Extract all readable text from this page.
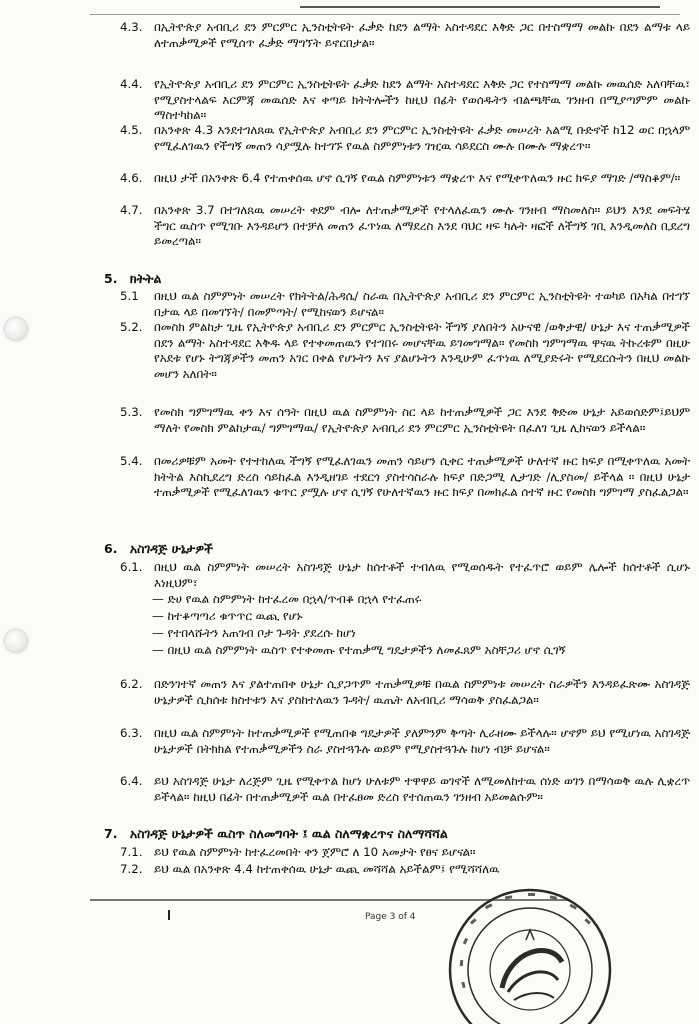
4.3. በኢትዮጵያ አብቢሪ ደን ምርምር ኢንስቲትዩት ፈቃድ ከደን ልማት አስተዳደር እቅድ ጋር በተስማማ መልኩ በደን ልማቱ ላይ ለተጠቃሚዎች የሚሰጥ ፈቃድ ማግኘት ይኖርበታል።
4.4. የኢትዮጵያ አብቢሪ ደን ምርምር ኢንስቲትዩት ፈቃድ ከደን ልማት አስተዳደር እቅድ ጋር የተስማማ መልኩ መዉሰድ አለባቸዉ፣ የሚያስተላልፍ እርምጃ መዉሰድ እና ቀጣይ ክትትሎችን ከዚህ በፊት የወሰዱትን ብልጫቸዉ ገንዘብ በሚያጣምም መልኩ ማስተካከል።
4.5. በአንቀጽ 4.3 እንደተገለጸዉ የኢትዮጵያ አብቢሪ ደን ምርምር ኢንስቲትዩት ፈቃድ መሠረት አልሚ ቡድኖች ከ12 ወር በኋላም የሚፈለገዉን የችግኝ መጠን ሳያሟሉ ከተገኙ የዉል ስምምነቱን ገዢዉ ሳይደርስ ሙሉ በሙሉ ማቋረጥ።
4.6. በዚህ ታች በአንቀጽ 6.4 የተጠቀሰዉ ሆኖ ሲገኝ የዉል ስምምነቱን ማቋረጥ እና የሚቀጥለዉን ዙር ክፍያ ማገድ /ማስቆም/።
4.7. በአንቀጽ 3.7 በተገለጸዉ መሠረት ቀደም ብሎ ለተጠቃሚዎች የተላለፈዉን ሙሉ ገንዘብ ማስመለስ። ይህን እንደ መፍትሄ ችግር ዉስጥ የሚገቡ እንዳይሆን በተቻለ መጠን ፈጥነዉ ለማደረስ እንደ ባህር ዛፍ ካሉት ዛፎች ለችግኝ ገቢ እንዲመለስ ቢደረግ ይመረጣል።
5. ክትትል
5.1	በዚህ ዉል ስምምነት መሠረት የክትትል/ሕዳሴ/ ስራዉ በኢትዮጵያ አብቢሪ ደን ምርምር ኢንስቲትዩት ተወካይ በአካል በተገኘ በታዉ ላይ በመገኘት/ በመምጣት/ የሚከናወን ይሆናል።
5.2. በመስክ ምልከታ ጊዜ የኢትዮጵያ አብቢሪ ደን ምርምር ኢንስቲትዩት ችግኝ ያለበትን አሁናዊ /ወቅታዊ/ ሁኔታ እና ተጠቃሚዎች በደን ልማት አስተዳደር እቅዱ ላይ የተቀመጠዉን የተገበሩ መሆናቸዉ ይገመግማል። የመስክ ግምገማዉ ዋናዉ ትኩረቱም በዚሁ የአደቱ የሆኑ ትግጃዎችን መጠን አገር በቀል የሆኑትን እና ያልሆኑትን እንዲሁም ፈጥነዉ ለሚያድሩት የሚደርሱትን በዚህ መልኩ መሆን አለበት።
5.3. የመስክ ግምገማዉ ቀን እና ሰዓት በዚህ ዉል ስምምነት ስር ላይ ከተጠቃሚዎች ጋር እንደ ቅድመ ሁኔታ አይወሰድም፤ይህም ማለት የመስክ ምልከታዉ/ ግምገማዉ/ የኢትዮጵያ አብቢሪ ደን ምርምር ኢንስቲትዩት በፈለገ ጊዜ ሊከናወን ይችላል።
5.4. በመሪዎቹም አመት የተተከለዉ ችግኝ የሚፈለገዉን መጠን ሳይሆን ሲቀር ተጠቃሚዎች ሁለተኛ ዙር ክፍያ በሚቀጥለዉ አመት ክትትል እስኪደረግ ድረስ ሳይከፈል እንዲዘገይ ተደርጎ ያስተሳስራሉ ክፍያ በድጋሚ ሊታገድ /ሊያስመ/ ይችላል ። በዚህ ሁኔታ ተጠቃሚዎች የሚፈለገዉን ቁጥር ያሟሉ ሆኖ ሲገኝ የሁለተኛዉን ዙር ክፍያ በመክፈል ሰተኛ ዙር የመስክ ግምገማ ያስፈልጋል።
6. አስገዳጅ ሁኔታዎች
6.1. በዚህ ዉል ስምምነት መሠረት አስገዳጅ ሁኔታ ከሰተቶች ተብለዉ የሚወሰዱት የተፈጥሮ ወይም ሌሎች ከሰተቶች ሲሆኑ እነዚህም፣
— ድሀ የዉል ስምምነት ከተፈረመ በኋላ/ጥብቆ በኋላ የተፈጠሩ
— ከተቆጣጣሪ ቁጥጥር ዉጪ የሆኑ
— የተበላሹትን አጠገብ ቦታ ጉዳት ያደረሱ ከሆነ
— በዚህ ዉል ስምምነት ዉስጥ የተቀመጡ የተጠቃሚ ግዴታዎችን ለመፈጸም አስቸጋሪ ሆኖ ሲገኝ
6.2. በድንገተኛ መጠን እና ያልተጠበቀ ሁኔታ ሲያጋጥም ተጠቃሚዎቹ በዉል ስምምነቱ መሠረት ስራዎችን እንዳይፈጽሙ አስገዳጅ ሁኔታዎች ሲከሰቱ ክስተቱን እና ያስከተለዉን ጉዳት/ ዉጤት ለአብቢሪ ማሳወቅ ያስፈልጋል።
6.3. በዚህ ዉል ስምምነት ከተጠቃሚዎች የሚጠበቁ ግዴታዎች ያለምንም ቅጣት ሊራዘሙ ይችላሉ። ሆኖም ይህ የሚሆነዉ አስገዳጅ ሁኔታዎች በትክክል የተጠቃሚዎችን ስራ ያስተጓጉሉ ወይም የሚያስተጓጉሉ ከሆነ ብቻ ይሆናል።
6.4. ይህ አስገዳጅ ሁኔታ ለረጅም ጊዜ የሚቀጥል ከሆነ ሁለቱም ተዋዋይ ወገኖች ለሚመለከተዉ ሰነድ ወገን በማሳወቅ ዉሉ ሊቋረጥ ይችላል። ከዚህ በፊት በተጠቃሚዎች ዉል በተፈፀመ ድረስ የተሰጠዉን ገንዘብ አይመልሱም።
7. አስገዳጅ ሁኔታዎች ዉስጥ ስለመግባት ፤ ዉል ስለማቋረጥና ስለማሻሻል
7.1. ይህ የዉል ስምምነት ከተፈረመበት ቀን ጀምሮ ለ 10 አመታት የፀና ይሆናል።
7.2. ይህ ዉል በአንቀጽ 4.4 ከተጠቀሰዉ ሁኔታ ዉጪ መሻሻል አይችልም፤ የሚሻሻለዉ
Page 3 of 4
